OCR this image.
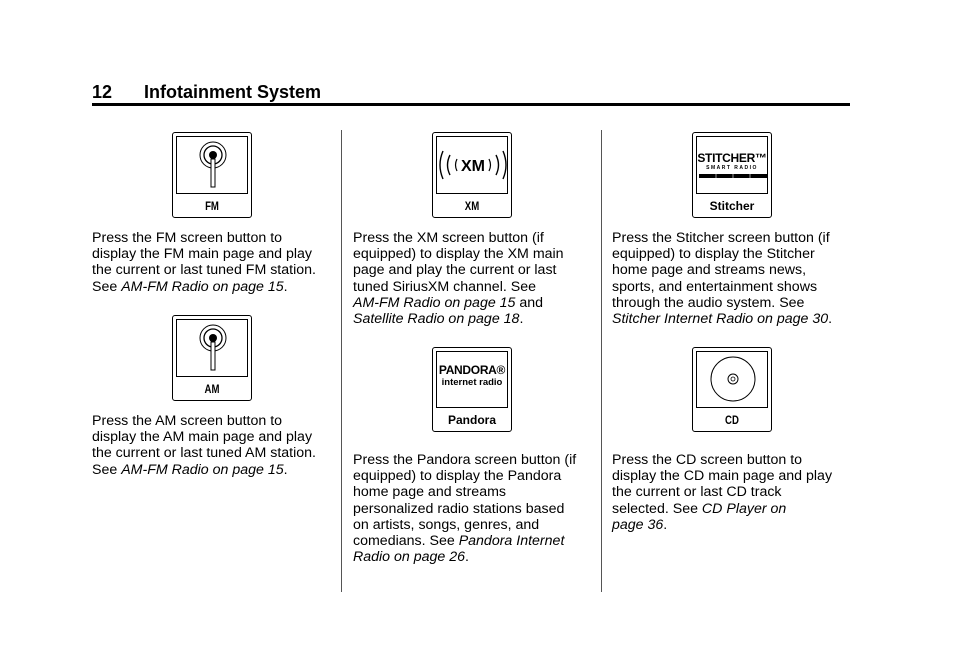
12 Infotainment System
FM
Press the FM screen button to
display the FM main page and play
the current or last tuned FM station.
See AM-FM Radio on page 15.
AM
Press the AM screen button to
display the AM main page and play
the current or last tuned AM station.
See AM-FM Radio on page 15.
XM
XM
Press the XM screen button (if
equipped) to display the XM main
page and play the current or last
tuned SiriusXM channel. See
AM-FM Radio on page 15 and
Satellite Radio on page 18.
PANDORA®
internet radio
Pandora
Press the Pandora screen button (if
equipped) to display the Pandora
home page and streams
personalized radio stations based
on artists, songs, genres, and
comedians. See Pandora Internet
Radio on page 26.
STITCHER™
SMART RADIO
Stitcher
Press the Stitcher screen button (if
equipped) to display the Stitcher
home page and streams news,
sports, and entertainment shows
through the audio system. See
Stitcher Internet Radio on page 30.
CD
Press the CD screen button to
display the CD main page and play
the current or last CD track
selected. See CD Player on
page 36.
